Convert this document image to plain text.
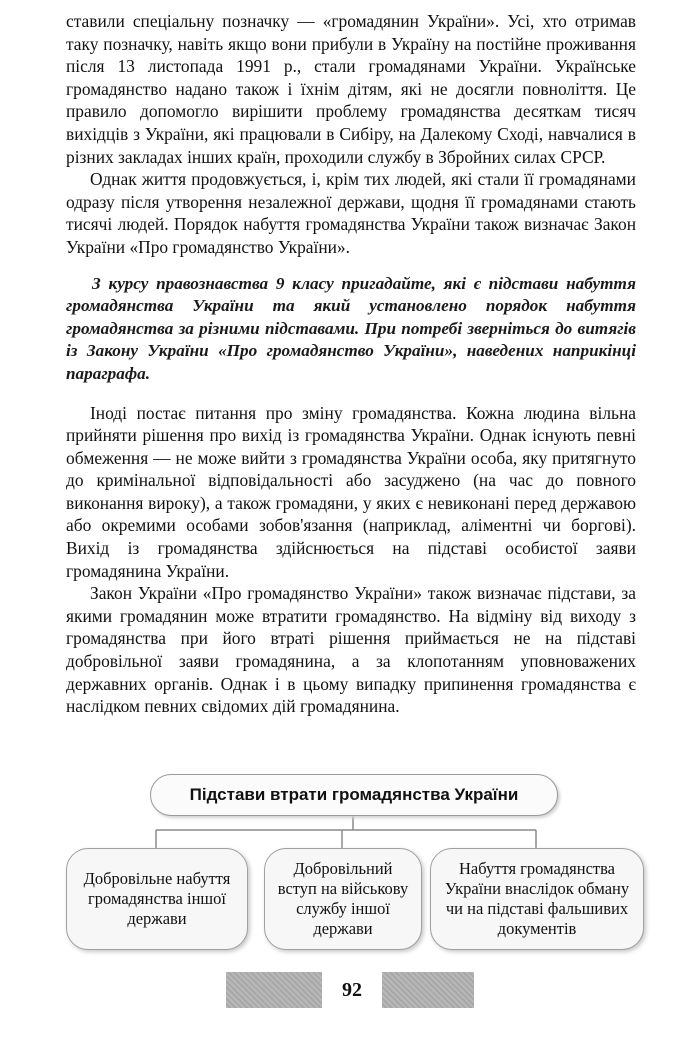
ставили спеціальну позначку — «громадянин України». Усі, хто отримав таку позначку, навіть якщо вони прибули в Україну на постійне проживання після 13 листопада 1991 р., стали громадянами України. Українське громадянство надано також і їхнім дітям, які не досягли повноліття. Це правило допомогло вирішити проблему громадянства десяткам тисяч вихідців з України, які працювали в Сибіру, на Далекому Сході, навчалися в різних закладах інших країн, проходили службу в Збройних силах СРСР.

Однак життя продовжується, і, крім тих людей, які стали її громадянами одразу після утворення незалежної держави, щодня її громадянами стають тисячі людей. Порядок набуття громадянства України також визначає Закон України «Про громадянство України».

З курсу правознавства 9 класу пригадайте, які є підстави набуття громадянства України та який установлено порядок набуття громадянства за різними підставами. При потребі зверніться до витягів із Закону України «Про громадянство України», наведених наприкінці параграфа.

Іноді постає питання про зміну громадянства. Кожна людина вільна прийняти рішення про вихід із громадянства України. Однак існують певні обмеження — не може вийти з громадянства України особа, яку притягнуто до кримінальної відповідальності або засуджено (на час до повного виконання вироку), а також громадяни, у яких є невиконані перед державою або окремими особами зобов'язання (наприклад, аліментні чи боргові). Вихід із громадянства здійснюється на підставі особистої заяви громадянина України.

Закон України «Про громадянство України» також визначає підстави, за якими громадянин може втратити громадянство. На відміну від виходу з громадянства при його втраті рішення приймається не на підставі добровільної заяви громадянина, а за клопотанням уповноважених державних органів. Однак і в цьому випадку припинення громадянства є наслідком певних свідомих дій громадянина.

Підстави втрати громадянства України
Добровільне набуття громадянства іншої держави
Добровільний вступ на військову службу іншої держави
Набуття громадянства України внаслідок обману чи на підставі фальшивих документів
92
